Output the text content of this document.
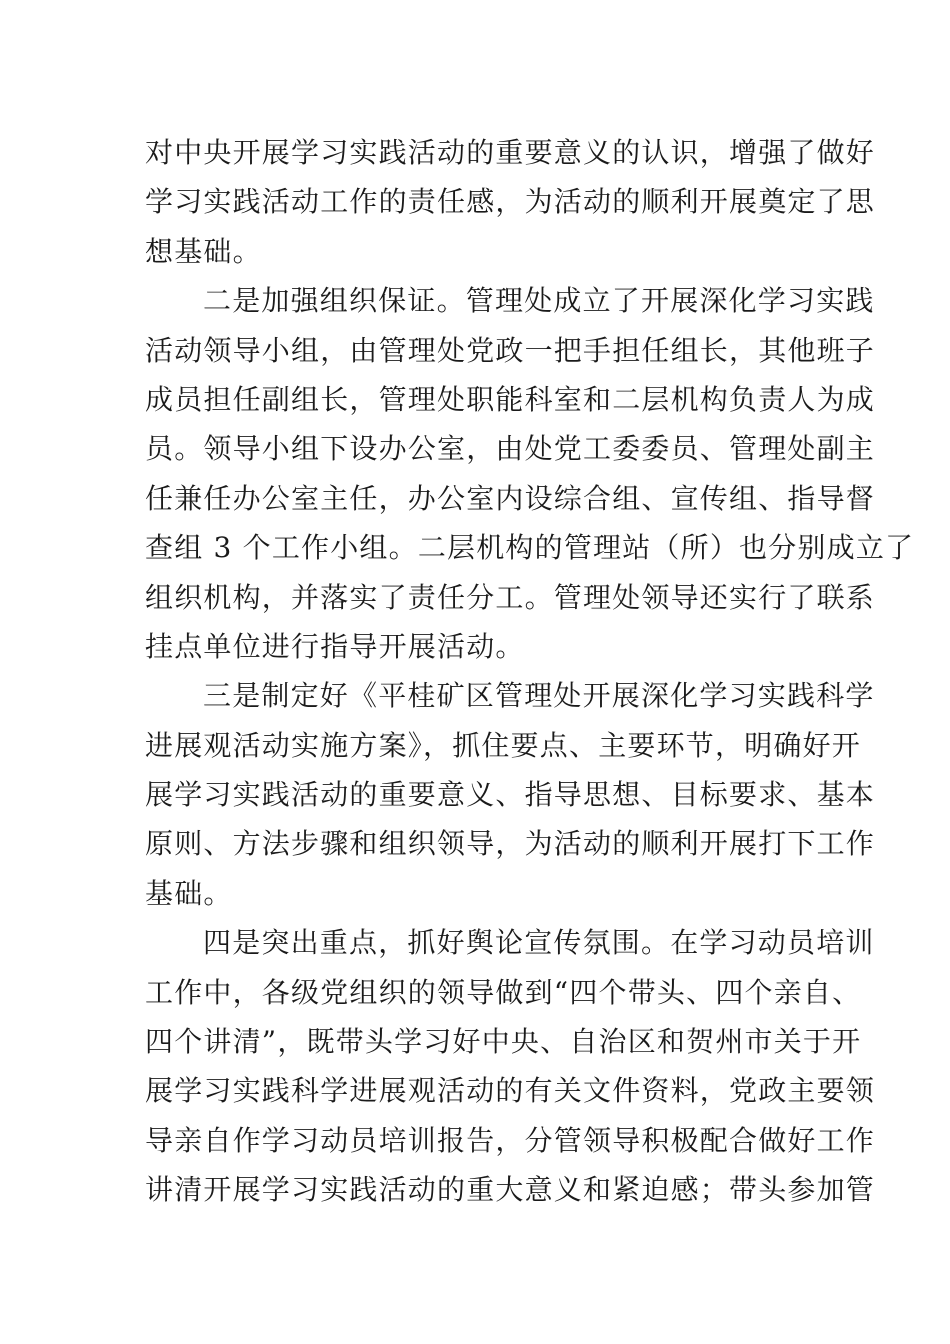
对中央开展学习实践活动的重要意义的认识，增强了做好
学习实践活动工作的责任感，为活动的顺利开展奠定了思
想基础。
二是加强组织保证。管理处成立了开展深化学习实践
活动领导小组，由管理处党政一把手担任组长，其他班子
成员担任副组长，管理处职能科室和二层机构负责人为成
员。领导小组下设办公室，由处党工委委员、管理处副主
任兼任办公室主任，办公室内设综合组、宣传组、指导督
查组 3 个工作小组。二层机构的管理站（所）也分别成立了
组织机构，并落实了责任分工。管理处领导还实行了联系
挂点单位进行指导开展活动。
三是制定好《平桂矿区管理处开展深化学习实践科学
进展观活动实施方案》，抓住要点、主要环节，明确好开
展学习实践活动的重要意义、指导思想、目标要求、基本
原则、方法步骤和组织领导，为活动的顺利开展打下工作
基础。
四是突出重点，抓好舆论宣传氛围。在学习动员培训
工作中，各级党组织的领导做到“四个带头、四个亲自、
四个讲清”，既带头学习好中央、自治区和贺州市关于开
展学习实践科学进展观活动的有关文件资料，党政主要领
导亲自作学习动员培训报告，分管领导积极配合做好工作
讲清开展学习实践活动的重大意义和紧迫感；带头参加管
